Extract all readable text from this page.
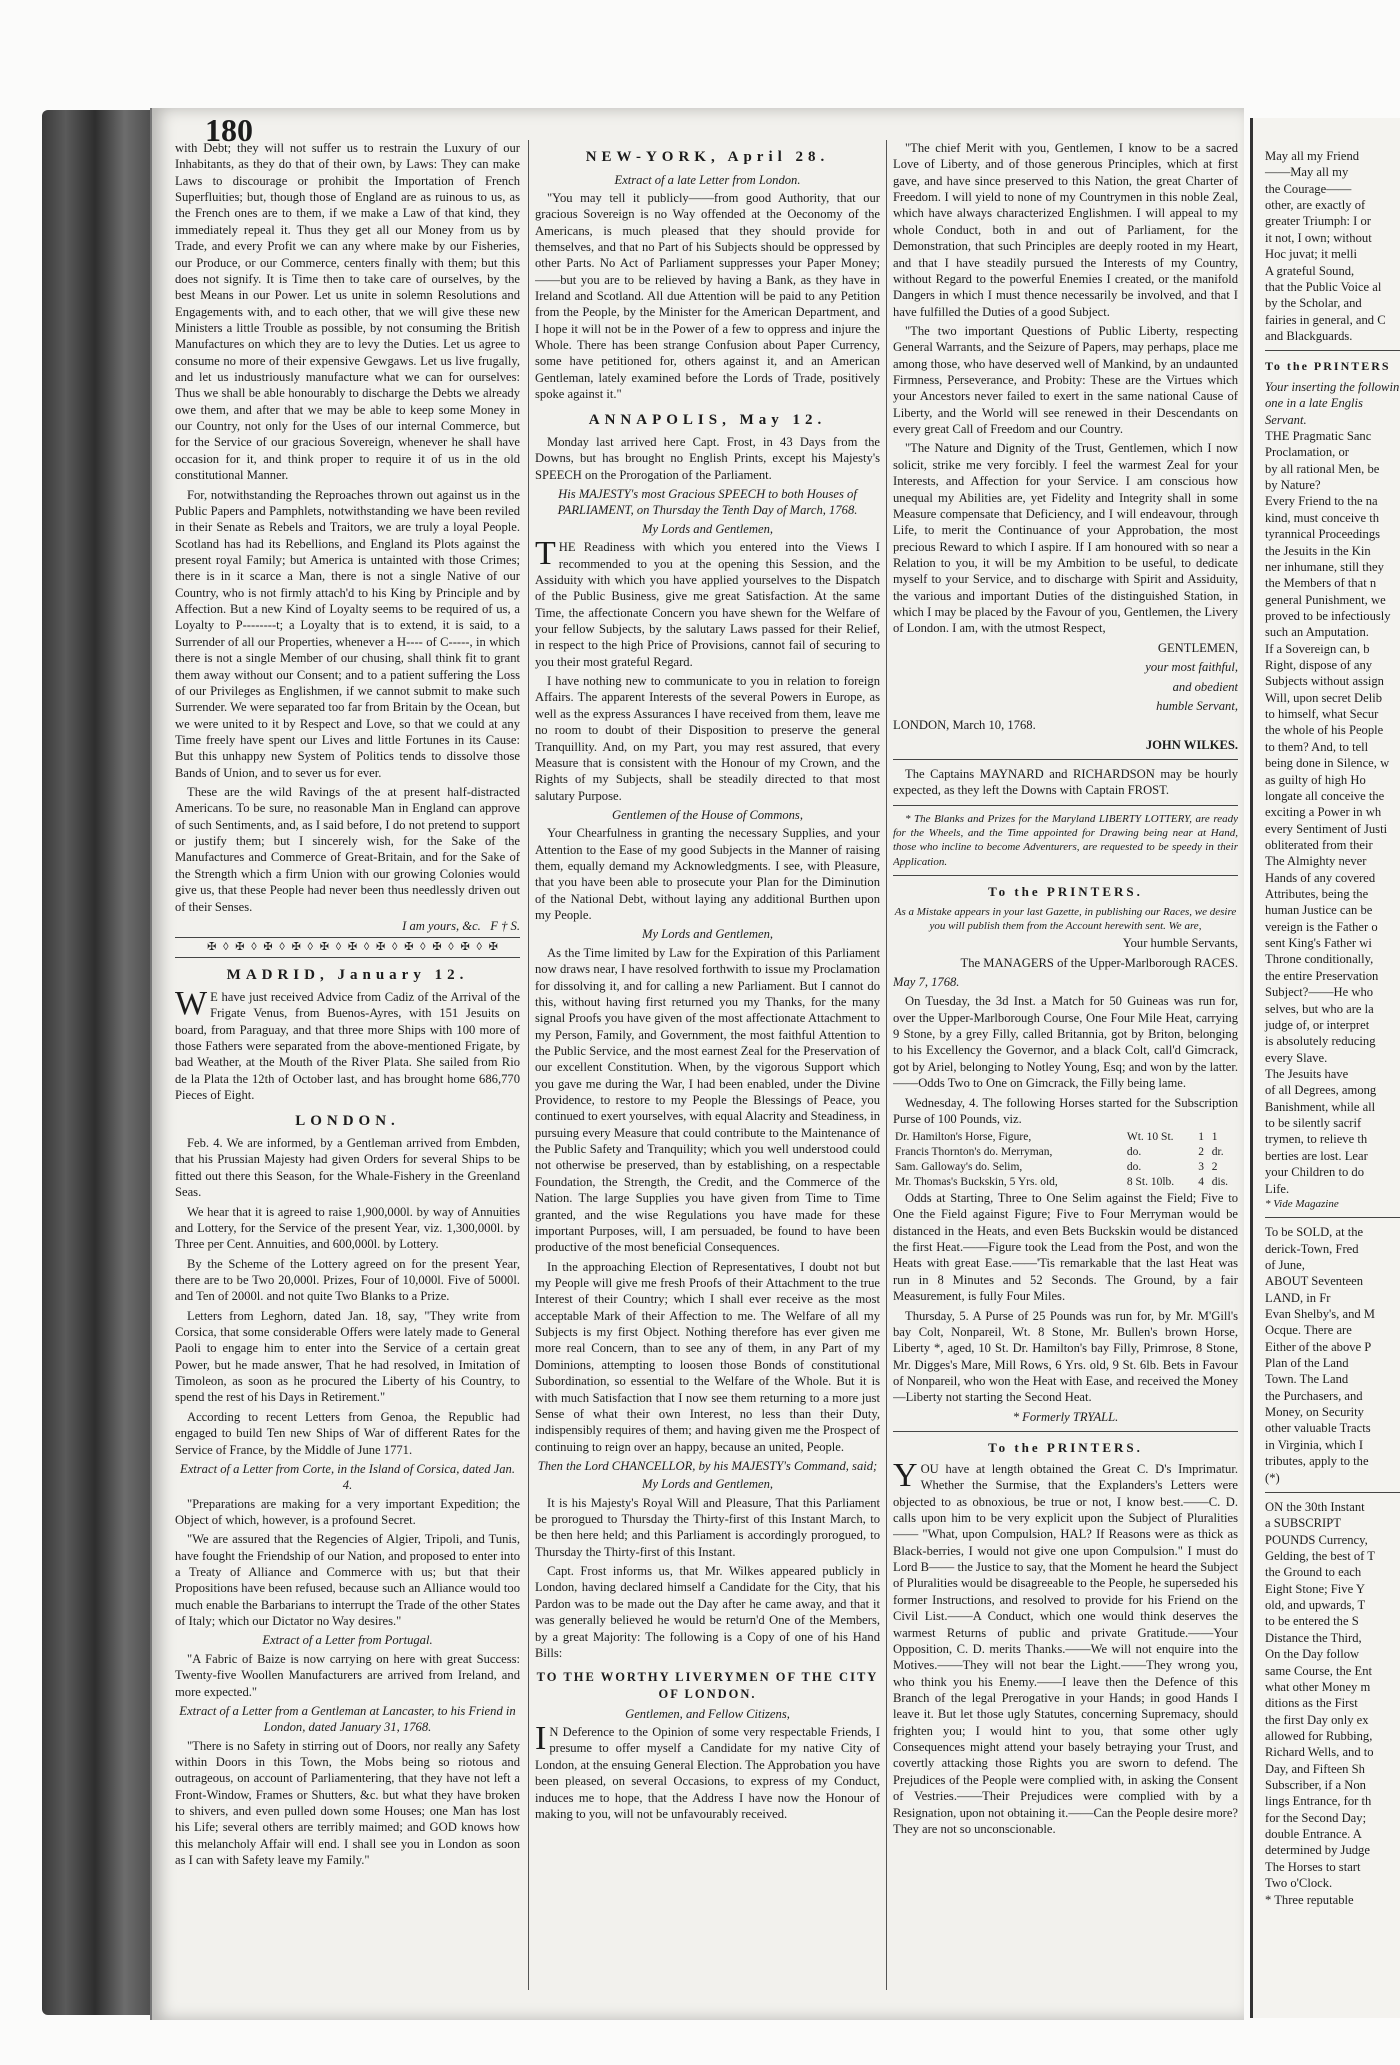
180

with Debt; they will not suffer us to restrain the Luxury of our Inhabitants, as they do that of their own, by Laws: They can make Laws to discourage or prohibit the Importation of French Superfluities; but, though those of England are as ruinous to us, as the French ones are to them, if we make a Law of that kind, they immediately repeal it. Thus they get all our Money from us by Trade, and every Profit we can any where make by our Fisheries, our Produce, or our Commerce, centers finally with them; but this does not signify. It is Time then to take care of ourselves, by the best Means in our Power. Let us unite in solemn Resolutions and Engagements with, and to each other, that we will give these new Ministers a little Trouble as possible, by not consuming the British Manufactures on which they are to levy the Duties. Let us agree to consume no more of their expensive Gewgaws. Let us live frugally, and let us industriously manufacture what we can for ourselves: Thus we shall be able honourably to discharge the Debts we already owe them, and after that we may be able to keep some Money in our Country, not only for the Uses of our internal Commerce, but for the Service of our gracious Sovereign, whenever he shall have occasion for it, and think proper to require it of us in the old constitutional Manner.

For, notwithstanding the Reproaches thrown out against us in the Public Papers and Pamphlets, notwithstanding we have been reviled in their Senate as Rebels and Traitors, we are truly a loyal People. Scotland has had its Rebellions, and England its Plots against the present royal Family; but America is untainted with those Crimes; there is in it scarce a Man, there is not a single Native of our Country, who is not firmly attach'd to his King by Principle and by Affection. But a new Kind of Loyalty seems to be required of us, a Loyalty to P--------t; a Loyalty that is to extend, it is said, to a Surrender of all our Properties, whenever a H---- of C-----, in which there is not a single Member of our chusing, shall think fit to grant them away without our Consent; and to a patient suffering the Loss of our Privileges as Englishmen, if we cannot submit to make such Surrender. We were separated too far from Britain by the Ocean, but we were united to it by Respect and Love, so that we could at any Time freely have spent our Lives and little Fortunes in its Cause: But this unhappy new System of Politics tends to dissolve those Bands of Union, and to sever us for ever.

These are the wild Ravings of the at present half-distracted Americans. To be sure, no reasonable Man in England can approve of such Sentiments, and, as I said before, I do not pretend to support or justify them; but I sincerely wish, for the Sake of the Manufactures and Commerce of Great-Britain, and for the Sake of the Strength which a firm Union with our growing Colonies would give us, that these People had never been thus needlessly driven out of their Senses.

I am yours, &c. F † S.

✠ ◊ ✠ ◊ ✠ ◊ ✠ ◊ ✠ ◊ ✠ ◊ ✠ ◊ ✠ ◊ ✠ ◊ ✠ ◊ ✠

MADRID, January 12.

WE have just received Advice from Cadiz of the Arrival of the Frigate Venus, from Buenos-Ayres, with 151 Jesuits on board, from Paraguay, and that three more Ships with 100 more of those Fathers were separated from the above-mentioned Frigate, by bad Weather, at the Mouth of the River Plata. She sailed from Rio de la Plata the 12th of October last, and has brought home 686,770 Pieces of Eight.

LONDON.

Feb. 4. We are informed, by a Gentleman arrived from Embden, that his Prussian Majesty had given Orders for several Ships to be fitted out there this Season, for the Whale-Fishery in the Greenland Seas.

We hear that it is agreed to raise 1,900,000l. by way of Annuities and Lottery, for the Service of the present Year, viz. 1,300,000l. by Three per Cent. Annuities, and 600,000l. by Lottery.

By the Scheme of the Lottery agreed on for the present Year, there are to be Two 20,000l. Prizes, Four of 10,000l. Five of 5000l. and Ten of 2000l. and not quite Two Blanks to a Prize.

Letters from Leghorn, dated Jan. 18, say, "They write from Corsica, that some considerable Offers were lately made to General Paoli to engage him to enter into the Service of a certain great Power, but he made answer, That he had resolved, in Imitation of Timoleon, as soon as he procured the Liberty of his Country, to spend the rest of his Days in Retirement."

According to recent Letters from Genoa, the Republic had engaged to build Ten new Ships of War of different Rates for the Service of France, by the Middle of June 1771.

Extract of a Letter from Corte, in the Island of Corsica, dated Jan. 4.

"Preparations are making for a very important Expedition; the Object of which, however, is a profound Secret.

"We are assured that the Regencies of Algier, Tripoli, and Tunis, have fought the Friendship of our Nation, and proposed to enter into a Treaty of Alliance and Commerce with us; but that their Propositions have been refused, because such an Alliance would too much enable the Barbarians to interrupt the Trade of the other States of Italy; which our Dictator no Way desires."

Extract of a Letter from Portugal.

"A Fabric of Baize is now carrying on here with great Success: Twenty-five Woollen Manufacturers are arrived from Ireland, and more expected."

Extract of a Letter from a Gentleman at Lancaster, to his Friend in London, dated January 31, 1768.

"There is no Safety in stirring out of Doors, nor really any Safety within Doors in this Town, the Mobs being so riotous and outrageous, on account of Parliamentering, that they have not left a Front-Window, Frames or Shutters, &c. but what they have broken to shivers, and even pulled down some Houses; one Man has lost his Life; several others are terribly maimed; and GOD knows how this melancholy Affair will end. I shall see you in London as soon as I can with Safety leave my Family."

NEW-YORK, April 28.

Extract of a late Letter from London.

"You may tell it publicly——from good Authority, that our gracious Sovereign is no Way offended at the Oeconomy of the Americans, is much pleased that they should provide for themselves, and that no Part of his Subjects should be oppressed by other Parts. No Act of Parliament suppresses your Paper Money;——but you are to be relieved by having a Bank, as they have in Ireland and Scotland. All due Attention will be paid to any Petition from the People, by the Minister for the American Department, and I hope it will not be in the Power of a few to oppress and injure the Whole. There has been strange Confusion about Paper Currency, some have petitioned for, others against it, and an American Gentleman, lately examined before the Lords of Trade, positively spoke against it."

ANNAPOLIS, May 12.

Monday last arrived here Capt. Frost, in 43 Days from the Downs, but has brought no English Prints, except his Majesty's SPEECH on the Prorogation of the Parliament.

His MAJESTY's most Gracious SPEECH to both Houses of PARLIAMENT, on Thursday the Tenth Day of March, 1768.

My Lords and Gentlemen,

THE Readiness with which you entered into the Views I recommended to you at the opening this Session, and the Assiduity with which you have applied yourselves to the Dispatch of the Public Business, give me great Satisfaction. At the same Time, the affectionate Concern you have shewn for the Welfare of your fellow Subjects, by the salutary Laws passed for their Relief, in respect to the high Price of Provisions, cannot fail of securing to you their most grateful Regard.

I have nothing new to communicate to you in relation to foreign Affairs. The apparent Interests of the several Powers in Europe, as well as the express Assurances I have received from them, leave me no room to doubt of their Disposition to preserve the general Tranquillity. And, on my Part, you may rest assured, that every Measure that is consistent with the Honour of my Crown, and the Rights of my Subjects, shall be steadily directed to that most salutary Purpose.

Gentlemen of the House of Commons,

Your Chearfulness in granting the necessary Supplies, and your Attention to the Ease of my good Subjects in the Manner of raising them, equally demand my Acknowledgments. I see, with Pleasure, that you have been able to prosecute your Plan for the Diminution of the National Debt, without laying any additional Burthen upon my People.

My Lords and Gentlemen,

As the Time limited by Law for the Expiration of this Parliament now draws near, I have resolved forthwith to issue my Proclamation for dissolving it, and for calling a new Parliament. But I cannot do this, without having first returned you my Thanks, for the many signal Proofs you have given of the most affectionate Attachment to my Person, Family, and Government, the most faithful Attention to the Public Service, and the most earnest Zeal for the Preservation of our excellent Constitution. When, by the vigorous Support which you gave me during the War, I had been enabled, under the Divine Providence, to restore to my People the Blessings of Peace, you continued to exert yourselves, with equal Alacrity and Steadiness, in pursuing every Measure that could contribute to the Maintenance of the Public Safety and Tranquility; which you well understood could not otherwise be preserved, than by establishing, on a respectable Foundation, the Strength, the Credit, and the Commerce of the Nation. The large Supplies you have given from Time to Time granted, and the wise Regulations you have made for these important Purposes, will, I am persuaded, be found to have been productive of the most beneficial Consequences.

In the approaching Election of Representatives, I doubt not but my People will give me fresh Proofs of their Attachment to the true Interest of their Country; which I shall ever receive as the most acceptable Mark of their Affection to me. The Welfare of all my Subjects is my first Object. Nothing therefore has ever given me more real Concern, than to see any of them, in any Part of my Dominions, attempting to loosen those Bonds of constitutional Subordination, so essential to the Welfare of the Whole. But it is with much Satisfaction that I now see them returning to a more just Sense of what their own Interest, no less than their Duty, indispensibly requires of them; and having given me the Prospect of continuing to reign over an happy, because an united, People.

Then the Lord CHANCELLOR, by his MAJESTY's Command, said;

My Lords and Gentlemen,

It is his Majesty's Royal Will and Pleasure, That this Parliament be prorogued to Thursday the Thirty-first of this Instant March, to be then here held; and this Parliament is accordingly prorogued, to Thursday the Thirty-first of this Instant.

Capt. Frost informs us, that Mr. Wilkes appeared publicly in London, having declared himself a Candidate for the City, that his Pardon was to be made out the Day after he came away, and that it was generally believed he would be return'd One of the Members, by a great Majority: The following is a Copy of one of his Hand Bills:

TO THE WORTHY LIVERYMEN OF THE CITY OF LONDON.

Gentlemen, and Fellow Citizens,

IN Deference to the Opinion of some very respectable Friends, I presume to offer myself a Candidate for my native City of London, at the ensuing General Election. The Approbation you have been pleased, on several Occasions, to express of my Conduct, induces me to hope, that the Address I have now the Honour of making to you, will not be unfavourably received.

"The chief Merit with you, Gentlemen, I know to be a sacred Love of Liberty, and of those generous Principles, which at first gave, and have since preserved to this Nation, the great Charter of Freedom. I will yield to none of my Countrymen in this noble Zeal, which have always characterized Englishmen. I will appeal to my whole Conduct, both in and out of Parliament, for the Demonstration, that such Principles are deeply rooted in my Heart, and that I have steadily pursued the Interests of my Country, without Regard to the powerful Enemies I created, or the manifold Dangers in which I must thence necessarily be involved, and that I have fulfilled the Duties of a good Subject.

"The two important Questions of Public Liberty, respecting General Warrants, and the Seizure of Papers, may perhaps, place me among those, who have deserved well of Mankind, by an undaunted Firmness, Perseverance, and Probity: These are the Virtues which your Ancestors never failed to exert in the same national Cause of Liberty, and the World will see renewed in their Descendants on every great Call of Freedom and our Country.

"The Nature and Dignity of the Trust, Gentlemen, which I now solicit, strike me very forcibly. I feel the warmest Zeal for your Interests, and Affection for your Service. I am conscious how unequal my Abilities are, yet Fidelity and Integrity shall in some Measure compensate that Deficiency, and I will endeavour, through Life, to merit the Continuance of your Approbation, the most precious Reward to which I aspire. If I am honoured with so near a Relation to you, it will be my Ambition to be useful, to dedicate myself to your Service, and to discharge with Spirit and Assiduity, the various and important Duties of the distinguished Station, in which I may be placed by the Favour of you, Gentlemen, the Livery of London. I am, with the utmost Respect,

GENTLEMEN,

your most faithful,

and obedient

humble Servant,

LONDON, March 10, 1768.

JOHN WILKES.

The Captains MAYNARD and RICHARDSON may be hourly expected, as they left the Downs with Captain FROST.

* The Blanks and Prizes for the Maryland LIBERTY LOTTERY, are ready for the Wheels, and the Time appointed for Drawing being near at Hand, those who incline to become Adventurers, are requested to be speedy in their Application.

To the PRINTERS.

As a Mistake appears in your last Gazette, in publishing our Races, we desire you will publish them from the Account herewith sent. We are,

Your humble Servants,

The MANAGERS of the Upper-Marlborough RACES.

May 7, 1768.

On Tuesday, the 3d Inst. a Match for 50 Guineas was run for, over the Upper-Marlborough Course, One Four Mile Heat, carrying 9 Stone, by a grey Filly, called Britannia, got by Briton, belonging to his Excellency the Governor, and a black Colt, call'd Gimcrack, got by Ariel, belonging to Notley Young, Esq; and won by the latter.——Odds Two to One on Gimcrack, the Filly being lame.

Wednesday, 4. The following Horses started for the Subscription Purse of 100 Pounds, viz.

Dr. Hamilton's Horse, Figure,	Wt. 10 St.	1	1
Francis Thornton's do. Merryman,	do.	2	dr.
Sam. Galloway's do. Selim,	do.	3	2
Mr. Thomas's Buckskin, 5 Yrs. old,	8 St. 10lb.	4	dis.

Odds at Starting, Three to One Selim against the Field; Five to One the Field against Figure; Five to Four Merryman would be distanced in the Heats, and even Bets Buckskin would be distanced the first Heat.——Figure took the Lead from the Post, and won the Heats with great Ease.——'Tis remarkable that the last Heat was run in 8 Minutes and 52 Seconds. The Ground, by a fair Measurement, is fully Four Miles.

Thursday, 5. A Purse of 25 Pounds was run for, by Mr. M'Gill's bay Colt, Nonpareil, Wt. 8 Stone, Mr. Bullen's brown Horse, Liberty *, aged, 10 St. Dr. Hamilton's bay Filly, Primrose, 8 Stone, Mr. Digges's Mare, Mill Rows, 6 Yrs. old, 9 St. 6lb. Bets in Favour of Nonpareil, who won the Heat with Ease, and received the Money—Liberty not starting the Second Heat.

* Formerly TRYALL.

To the PRINTERS.

YOU have at length obtained the Great C. D's Imprimatur. Whether the Surmise, that the Explanders's Letters were objected to as obnoxious, be true or not, I know best.——C. D. calls upon him to be very explicit upon the Subject of Pluralities—— "What, upon Compulsion, HAL? If Reasons were as thick as Black-berries, I would not give one upon Compulsion." I must do Lord B—— the Justice to say, that the Moment he heard the Subject of Pluralities would be disagreeable to the People, he superseded his former Instructions, and resolved to provide for his Friend on the Civil List.——A Conduct, which one would think deserves the warmest Returns of public and private Gratitude.——Your Opposition, C. D. merits Thanks.——We will not enquire into the Motives.——They will not bear the Light.——They wrong you, who think you his Enemy.——I leave then the Defence of this Branch of the legal Prerogative in your Hands; in good Hands I leave it. But let those ugly Statutes, concerning Supremacy, should frighten you; I would hint to you, that some other ugly Consequences might attend your basely betraying your Trust, and covertly attacking those Rights you are sworn to defend. The Prejudices of the People were complied with, in asking the Consent of Vestries.——Their Prejudices were complied with by a Resignation, upon not obtaining it.——Can the People desire more? They are not so unconscionable.

May all my Friend
——May all my
the Courage——
other, are exactly of
greater Triumph: I or
it not, I own; without
Hoc juvat; it melli
A grateful Sound,
that the Public Voice al
by the Scholar, and
fairies in general, and C
and Blackguards.

To the PRINTERS

Your inserting the followin
one in a late Englis
Servant.
THE Pragmatic Sanc
Proclamation, or
by all rational Men, be
by Nature?
Every Friend to the na
kind, must conceive th
tyrannical Proceedings
the Jesuits in the Kin
ner inhumane, still they
the Members of that n
general Punishment, we
proved to be infectiously
such an Amputation.
If a Sovereign can, b
Right, dispose of any
Subjects without assign
Will, upon secret Delib
to himself, what Secur
the whole of his People
to them? And, to tell
being done in Silence, w
as guilty of high Ho
longate all conceive the
exciting a Power in wh
every Sentiment of Justi
obliterated from their
The Almighty never
Hands of any covered
Attributes, being the
human Justice can be
vereign is the Father o
sent King's Father wi
Throne conditionally,
the entire Preservation
Subject?——He who
selves, but who are la
judge of, or interpret
is absolutely reducing
every Slave.
The Jesuits have
of all Degrees, among
Banishment, while all
to be silently sacrif
trymen, to relieve th
berties are lost. Lear
your Children to do
Life.

* Vide Magazine

To be SOLD, at the
derick-Town, Fred
of June,
ABOUT Seventeen
LAND, in Fr
Evan Shelby's, and M
Ocque. There are
Either of the above P
Plan of the Land
Town. The Land
the Purchasers, and
Money, on Security
other valuable Tracts
in Virginia, which I
tributes, apply to the
(*)
ON the 30th Instant
a SUBSCRIPT
POUNDS Currency,
Gelding, the best of T
the Ground to each
Eight Stone; Five Y
old, and upwards, T
to be entered the S
Distance the Third,
On the Day follow
same Course, the Ent
what other Money m
ditions as the First
the first Day only ex
allowed for Rubbing,
Richard Wells, and to
Day, and Fifteen Sh
Subscriber, if a Non
lings Entrance, for th
for the Second Day;
double Entrance. A
determined by Judge
The Horses to start
Two o'Clock.
* Three reputable
